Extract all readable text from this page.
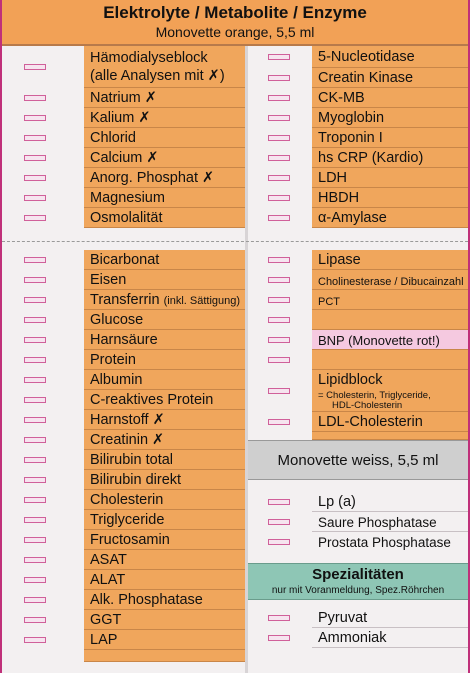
Elektrolyte / Metabolite / Enzyme
Monovette orange, 5,5 ml
Hämodialyseblock
(alle Analysen mit ✗)
Natrium ✗
Kalium ✗
Chlorid
Calcium ✗
Anorg. Phosphat ✗
Magnesium
Osmolalität
5-Nucleotidase
Creatin Kinase
CK-MB
Myoglobin
Troponin I
hs CRP (Kardio)
LDH
HBDH
α-Amylase
Bicarbonat
Eisen
Transferrin (inkl. Sättigung)
Glucose
Harnsäure
Protein
Albumin
C-reaktives Protein
Harnstoff ✗
Creatinin ✗
Bilirubin total
Bilirubin direkt
Cholesterin
Triglyceride
Fructosamin
ASAT
ALAT
Alk. Phosphatase
GGT
LAP
Lipase
Cholinesterase / Dibucainzahl
PCT
BNP (Monovette rot!)
Lipidblock
= Cholesterin, Triglyceride,
HDL-Cholesterin
LDL-Cholesterin
Monovette weiss, 5,5 ml
Lp (a)
Saure Phosphatase
Prostata Phosphatase
Spezialitäten
nur mit Voranmeldung, Spez.Röhrchen
Pyruvat
Ammoniak
